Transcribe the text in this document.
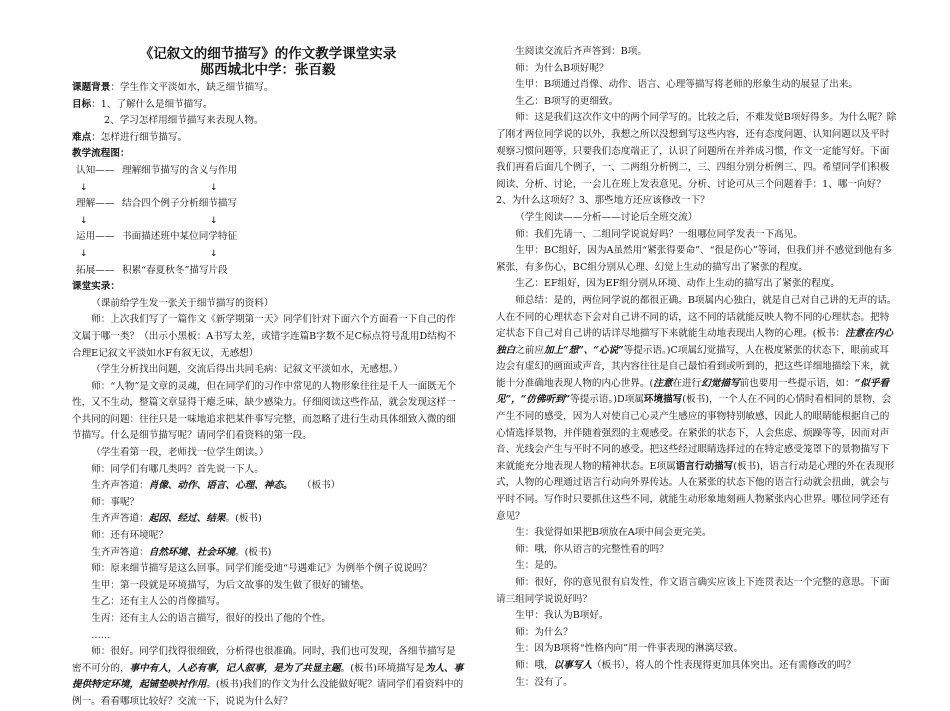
《记叙文的细节描写》的作文教学课堂实录
郧西城北中学：张百毅

课题背景：学生作文平淡如水，缺乏细节描写。

目标：1、了解什么是细节描写。

2、学习怎样用细节描写来表现人物。

难点：怎样进行细节描写。

教学流程图：

认知—— 理解细节描写的含义与作用
↓	↓
理解—— 结合四个例子分析细节描写
↓	↓
运用—— 书面描述班中某位同学特征
↓	↓
拓展—— 积累“春夏秋冬”描写片段

课堂实录：

（课前给学生发一张关于细节描写的资料）

师：上次我们写了一篇作文《新学期第一天》同学们针对下面六个方面看一下自己的作文属于哪一类？（出示小黑板：A书写太差，或错字连篇B字数不足C标点符号乱用D结构不合理E记叙文平淡如水F有叙无议，无感想）

（学生分析找出问题，交流后得出共同毛病：记叙文平淡如水，无感想。）

师：“人物”是文章的灵魂，但在同学们的习作中常见的人物形象往往是千人一面既无个性，又不生动，整篇文章显得干瘪乏味，缺少感染力。仔细阅读这些作品，就会发现这样一个共同的问题：往往只是一味地追求把某件事写完整，而忽略了进行生动具体细致入微的细节描写。什么是细节描写呢？请同学们看资料的第一段。

（学生看第一段，老师找一位学生朗读。）

师：同学们有哪几类吗？首先说一下人。

生齐声答道：肖像、动作、语言、心理、神态。 （板书）

师：事呢？

生齐声答道：起因、经过、结果。(板书)

师：还有环境呢？

生齐声答道：自然环境、社会环境。(板书)

师：原来细节描写是这么回事。同学们能受迪“号遇难记》为例举个例子说说吗？

生甲：第一段就是环境描写，为后文故事的发生做了很好的铺垫。

生乙：还有主人公的肖像描写。

生丙：还有主人公的语言描写，很好的投出了他的个性。

……

师：很好。同学们找得很细致，分析得也很准确。同时，我们也可发现，各细节描写是密不可分的，事中有人，人必有事，记人叙事，是为了共显主题。(板书)环境描写是为人、事提供特定环境，起铺垫映衬作用。(板书)我们的作文为什么没能做好呢？请同学们看资料中的例一。看看哪项比较好？交流一下，说说为什么好？

生阅读交流后齐声答到：B项。

师：为什么B项好呢？

生甲：B项通过肖像、动作、语言、心理等描写将老师的形象生动的展显了出来。

生乙：B项写的更细致。

师：这是我们这次作文中的两个同学写的。比较之后，不难发觉B项好得多。为什么呢？除了刚才两位同学说的以外，我想之所以没想到写这些内容，还有态度问题、认知问题以及平时观察习惯问题等，只要我们态度端正了，认识了问题所在并养成习惯，作文一定能写好。下面我们再看后面几个例子，一、二两组分析例二，三、四组分别分析例三、四。希望同学们积极阅读、分析、讨论，一会儿在班上发表意见。分析、讨论可从三个问题着手：1、哪一向好？2、为什么这项好？3、那些地方还应该修改一下？

（学生阅读——分析——讨论后全班交流）

师：我们先请一、二组同学说说好吗？一组哪位同学发表一下高见。

生甲：BC组好，因为A虽然用“紧张得要命”、“很是伤心”等词，但我们并不感觉到他有多紧张，有多伤心，BC组分别从心理、幻觉上生动的描写出了紧张的程度。

生乙：EF组好，因为EF组分别从环境、动作上生动的描写出了紧张的程度。

师总结：是的，两位同学说的都很正确。B项属内心独白，就是自己对自己讲的无声的话。人在不同的心理状态下会对自己讲不同的话，这不同的话就能反映人物不同的心理状态。把特定状态下自己对自己讲的话详尽地描写下来就能生动地表现出人物的心理。(板书：注意在内心独白之前应加上“想”、“心说”等提示语。)C项属幻觉描写，人在极度紧张的状态下，眼前或耳边会有虚幻的画面或声音，其内容往往是自己最怕看到或听到的，把这些详细地描绘下来，就能十分准确地表现人物的内心世界。(注意在进行幻觉描写前也要用一些提示语，如：“似乎看见”，“仿佛听到”等提示语。)D项属环境描写(板书)，一个人在不同的心情时看相同的景物，会产生不同的感受，因为人对使自己心灵产生感应的事物特别敏感，因此人的眼睛能根据自己的心情选择景物，并伴随着强烈的主观感受。在紧张的状态下，人会焦虑、烦躁等等，因而对声音、光线会产生与平时不同的感受。把这些经过眼睛选择过的在特定感受笼罩下的景物描写下来就能充分地表现人物的精神状态。E项属语言行动描写(板书)，语言行动是心理的外在表现形式，人物的心理通过语言行动向外界传达。人在紧张的状态下他的语言行动就会扭曲，就会与平时不同。写作时只要抓住这些不同，就能生动形象地刻画人物紧张内心世界。哪位同学还有意见？

生：我觉得如果把B项放在A项中间会更完美。

师：哦，你从语言的完整性看的吗？

生：是的。

师：很好，你的意见很有启发性，作文语言确实应该上下连贯表达一个完整的意思。下面请三组同学说说好吗？

生甲：我认为B项好。

师：为什么？

生：因为B项将“性格内向”用一件事表现的淋漓尽致。

师：哦，以事写人（板书），将人的个性表现得更加具体突出。还有需修改的吗？

生：没有了。
